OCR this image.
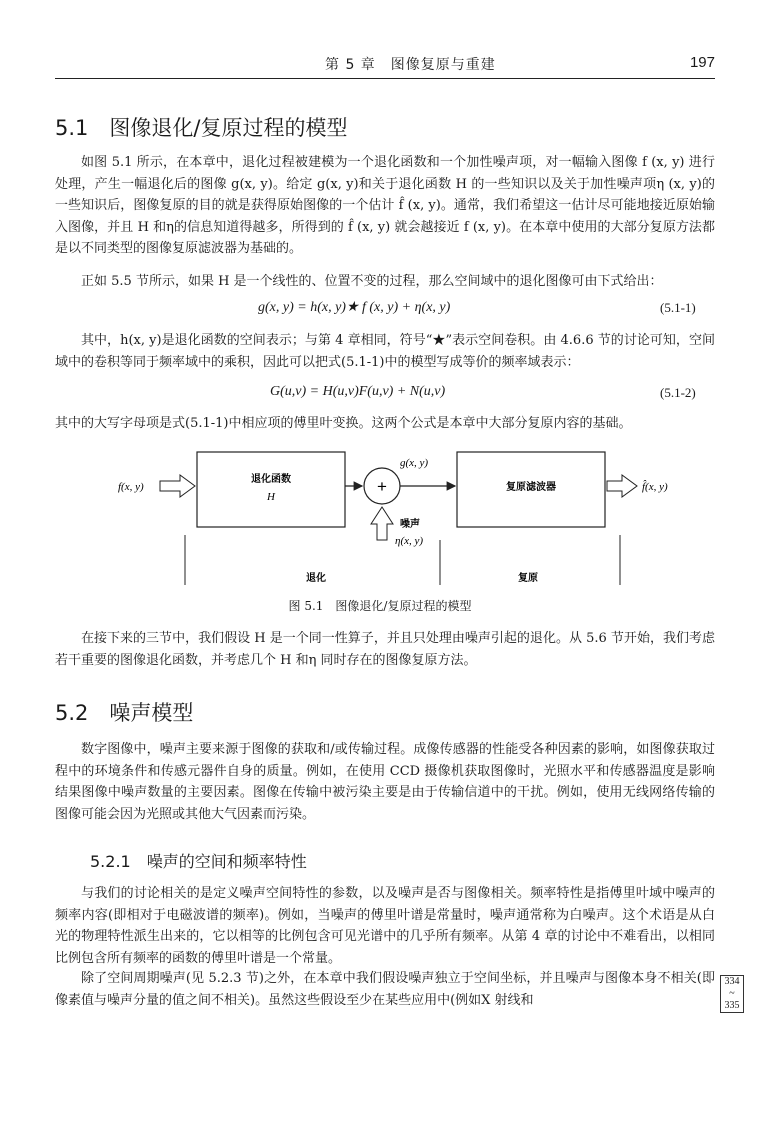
第 5 章　图像复原与重建	197
5.1　图像退化/复原过程的模型

如图 5.1 所示，在本章中，退化过程被建模为一个退化函数和一个加性噪声项，对一幅输入图像 f (x, y) 进行处理，产生一幅退化后的图像 g(x, y)。给定 g(x, y)和关于退化函数 H 的一些知识以及关于加性噪声项η (x, y)的一些知识后，图像复原的目的就是获得原始图像的一个估计 f̂ (x, y)。通常，我们希望这一估计尽可能地接近原始输入图像，并且 H 和η的信息知道得越多，所得到的 f̂ (x, y) 就会越接近 f (x, y)。在本章中使用的大部分复原方法都是以不同类型的图像复原滤波器为基础的。

正如 5.5 节所示，如果 H 是一个线性的、位置不变的过程，那么空间域中的退化图像可由下式给出：

g(x, y) = h(x, y)★ f (x, y) + η(x, y)	(5.1-1)

其中，h(x, y)是退化函数的空间表示；与第 4 章相同，符号“★”表示空间卷积。由 4.6.6 节的讨论可知，空间域中的卷积等同于频率域中的乘积，因此可以把式(5.1-1)中的模型写成等价的频率域表示：

G(u,v) = H(u,v)F(u,v) + N(u,v)	(5.1-2)

其中的大写字母项是式(5.1-1)中相应项的傅里叶变换。这两个公式是本章中大部分复原内容的基础。

f(x, y)
退化函数
H
+
g(x, y)
噪声
η(x, y)
复原滤波器	f̂(x, y)
退化	复原
图 5.1　图像退化/复原过程的模型

在接下来的三节中，我们假设 H 是一个同一性算子，并且只处理由噪声引起的退化。从 5.6 节开始，我们考虑若干重要的图像退化函数，并考虑几个 H 和η 同时存在的图像复原方法。

5.2　噪声模型

数字图像中，噪声主要来源于图像的获取和/或传输过程。成像传感器的性能受各种因素的影响，如图像获取过程中的环境条件和传感元器件自身的质量。例如，在使用 CCD 摄像机获取图像时，光照水平和传感器温度是影响结果图像中噪声数量的主要因素。图像在传输中被污染主要是由于传输信道中的干扰。例如，使用无线网络传输的图像可能会因为光照或其他大气因素而污染。

5.2.1　噪声的空间和频率特性

与我们的讨论相关的是定义噪声空间特性的参数，以及噪声是否与图像相关。频率特性是指傅里叶域中噪声的频率内容(即相对于电磁波谱的频率)。例如，当噪声的傅里叶谱是常量时，噪声通常称为白噪声。这个术语是从白光的物理特性派生出来的，它以相等的比例包含可见光谱中的几乎所有频率。从第 4 章的讨论中不难看出，以相同比例包含所有频率的函数的傅里叶谱是一个常量。

除了空间周期噪声(见 5.2.3 节)之外，在本章中我们假设噪声独立于空间坐标，并且噪声与图像本身不相关(即像素值与噪声分量的值之间不相关)。虽然这些假设至少在某些应用中(例如X 射线和

334
~
335
